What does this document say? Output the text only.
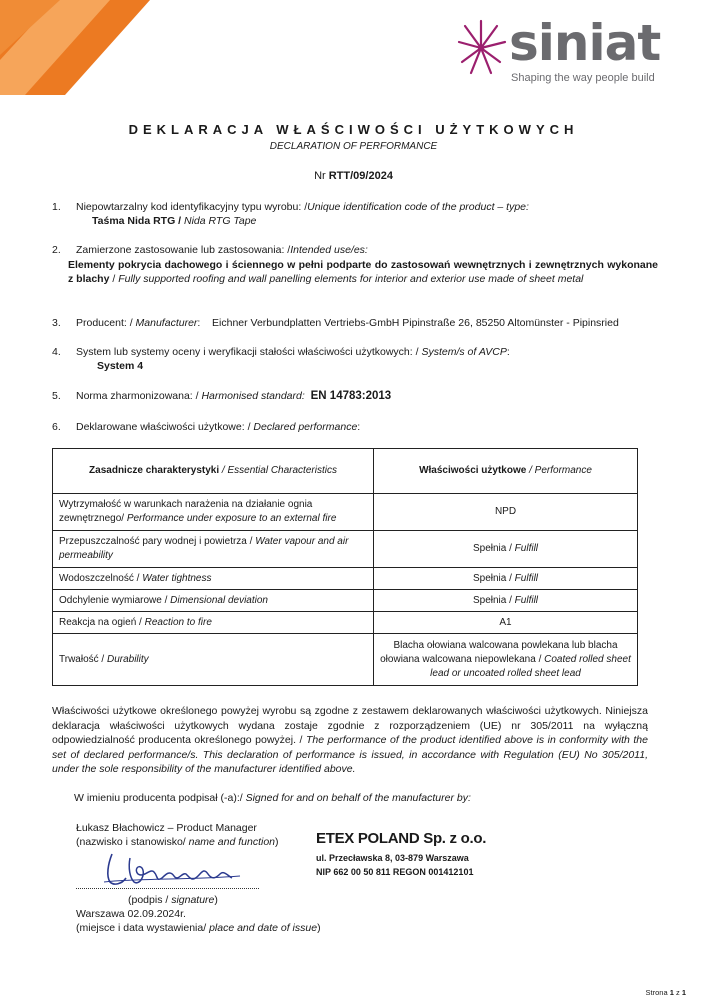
siniat
Shaping the way people build
DEKLARACJA WŁAŚCIWOŚCI UŻYTKOWYCH
DECLARATION OF PERFORMANCE
Nr RTT/09/2024
1.	Niepowtarzalny kod identyfikacyjny typu wyrobu: /Unique identification code of the product – type:
Taśma Nida RTG / Nida RTG Tape
2.	Zamierzone zastosowanie lub zastosowania: /Intended use/es:
Elementy pokrycia dachowego i ściennego w pełni podparte do zastosowań wewnętrznych i zewnętrznych wykonane z blachy / Fully supported roofing and wall panelling elements for interior and exterior use made of sheet metal
3.	Producent: / Manufacturer: Eichner Verbundplatten Vertriebs-GmbH Pipinstraße 26, 85250 Altomünster - Pipinsried
4.	System lub systemy oceny i weryfikacji stałości właściwości użytkowych: / System/s of AVCP:
System 4
5.	Norma zharmonizowana: / Harmonised standard: EN 14783:2013
6.	Deklarowane właściwości użytkowe: / Declared performance:
Zasadnicze charakterystyki / Essential Characteristics	Właściwości użytkowe / Performance
Wytrzymałość w warunkach narażenia na działanie ognia zewnętrznego/ Performance under exposure to an external fire	NPD
Przepuszczalność pary wodnej i powietrza / Water vapour and air permeability	Spełnia / Fulfill
Wodoszczelność / Water tightness	Spełnia / Fulfill
Odchylenie wymiarowe / Dimensional deviation	Spełnia / Fulfill
Reakcja na ogień / Reaction to fire	A1
Trwałość / Durability	Blacha ołowiana walcowana powlekana lub blacha ołowiana walcowana niepowlekana / Coated rolled sheet lead or uncoated rolled sheet lead
Właściwości użytkowe określonego powyżej wyrobu są zgodne z zestawem deklarowanych właściwości użytkowych. Niniejsza deklaracja właściwości użytkowych wydana zostaje zgodnie z rozporządzeniem (UE) nr 305/2011 na wyłączną odpowiedzialność producenta określonego powyżej. / The performance of the product identified above is in conformity with the set of declared performance/s. This declaration of performance is issued, in accordance with Regulation (EU) No 305/2011, under the sole responsibility of the manufacturer identified above.
W imieniu producenta podpisał (-a):/ Signed for and on behalf of the manufacturer by:
Łukasz Błachowicz – Product Manager
(nazwisko i stanowisko/ name and function)
(podpis / signature)
Warszawa 02.09.2024r.
(miejsce i data wystawienia/ place and date of issue)
ETEX POLAND Sp. z o.o.
ul. Przecławska 8, 03-879 Warszawa
NIP 662 00 50 811 REGON 001412101
Strona 1 z 1
